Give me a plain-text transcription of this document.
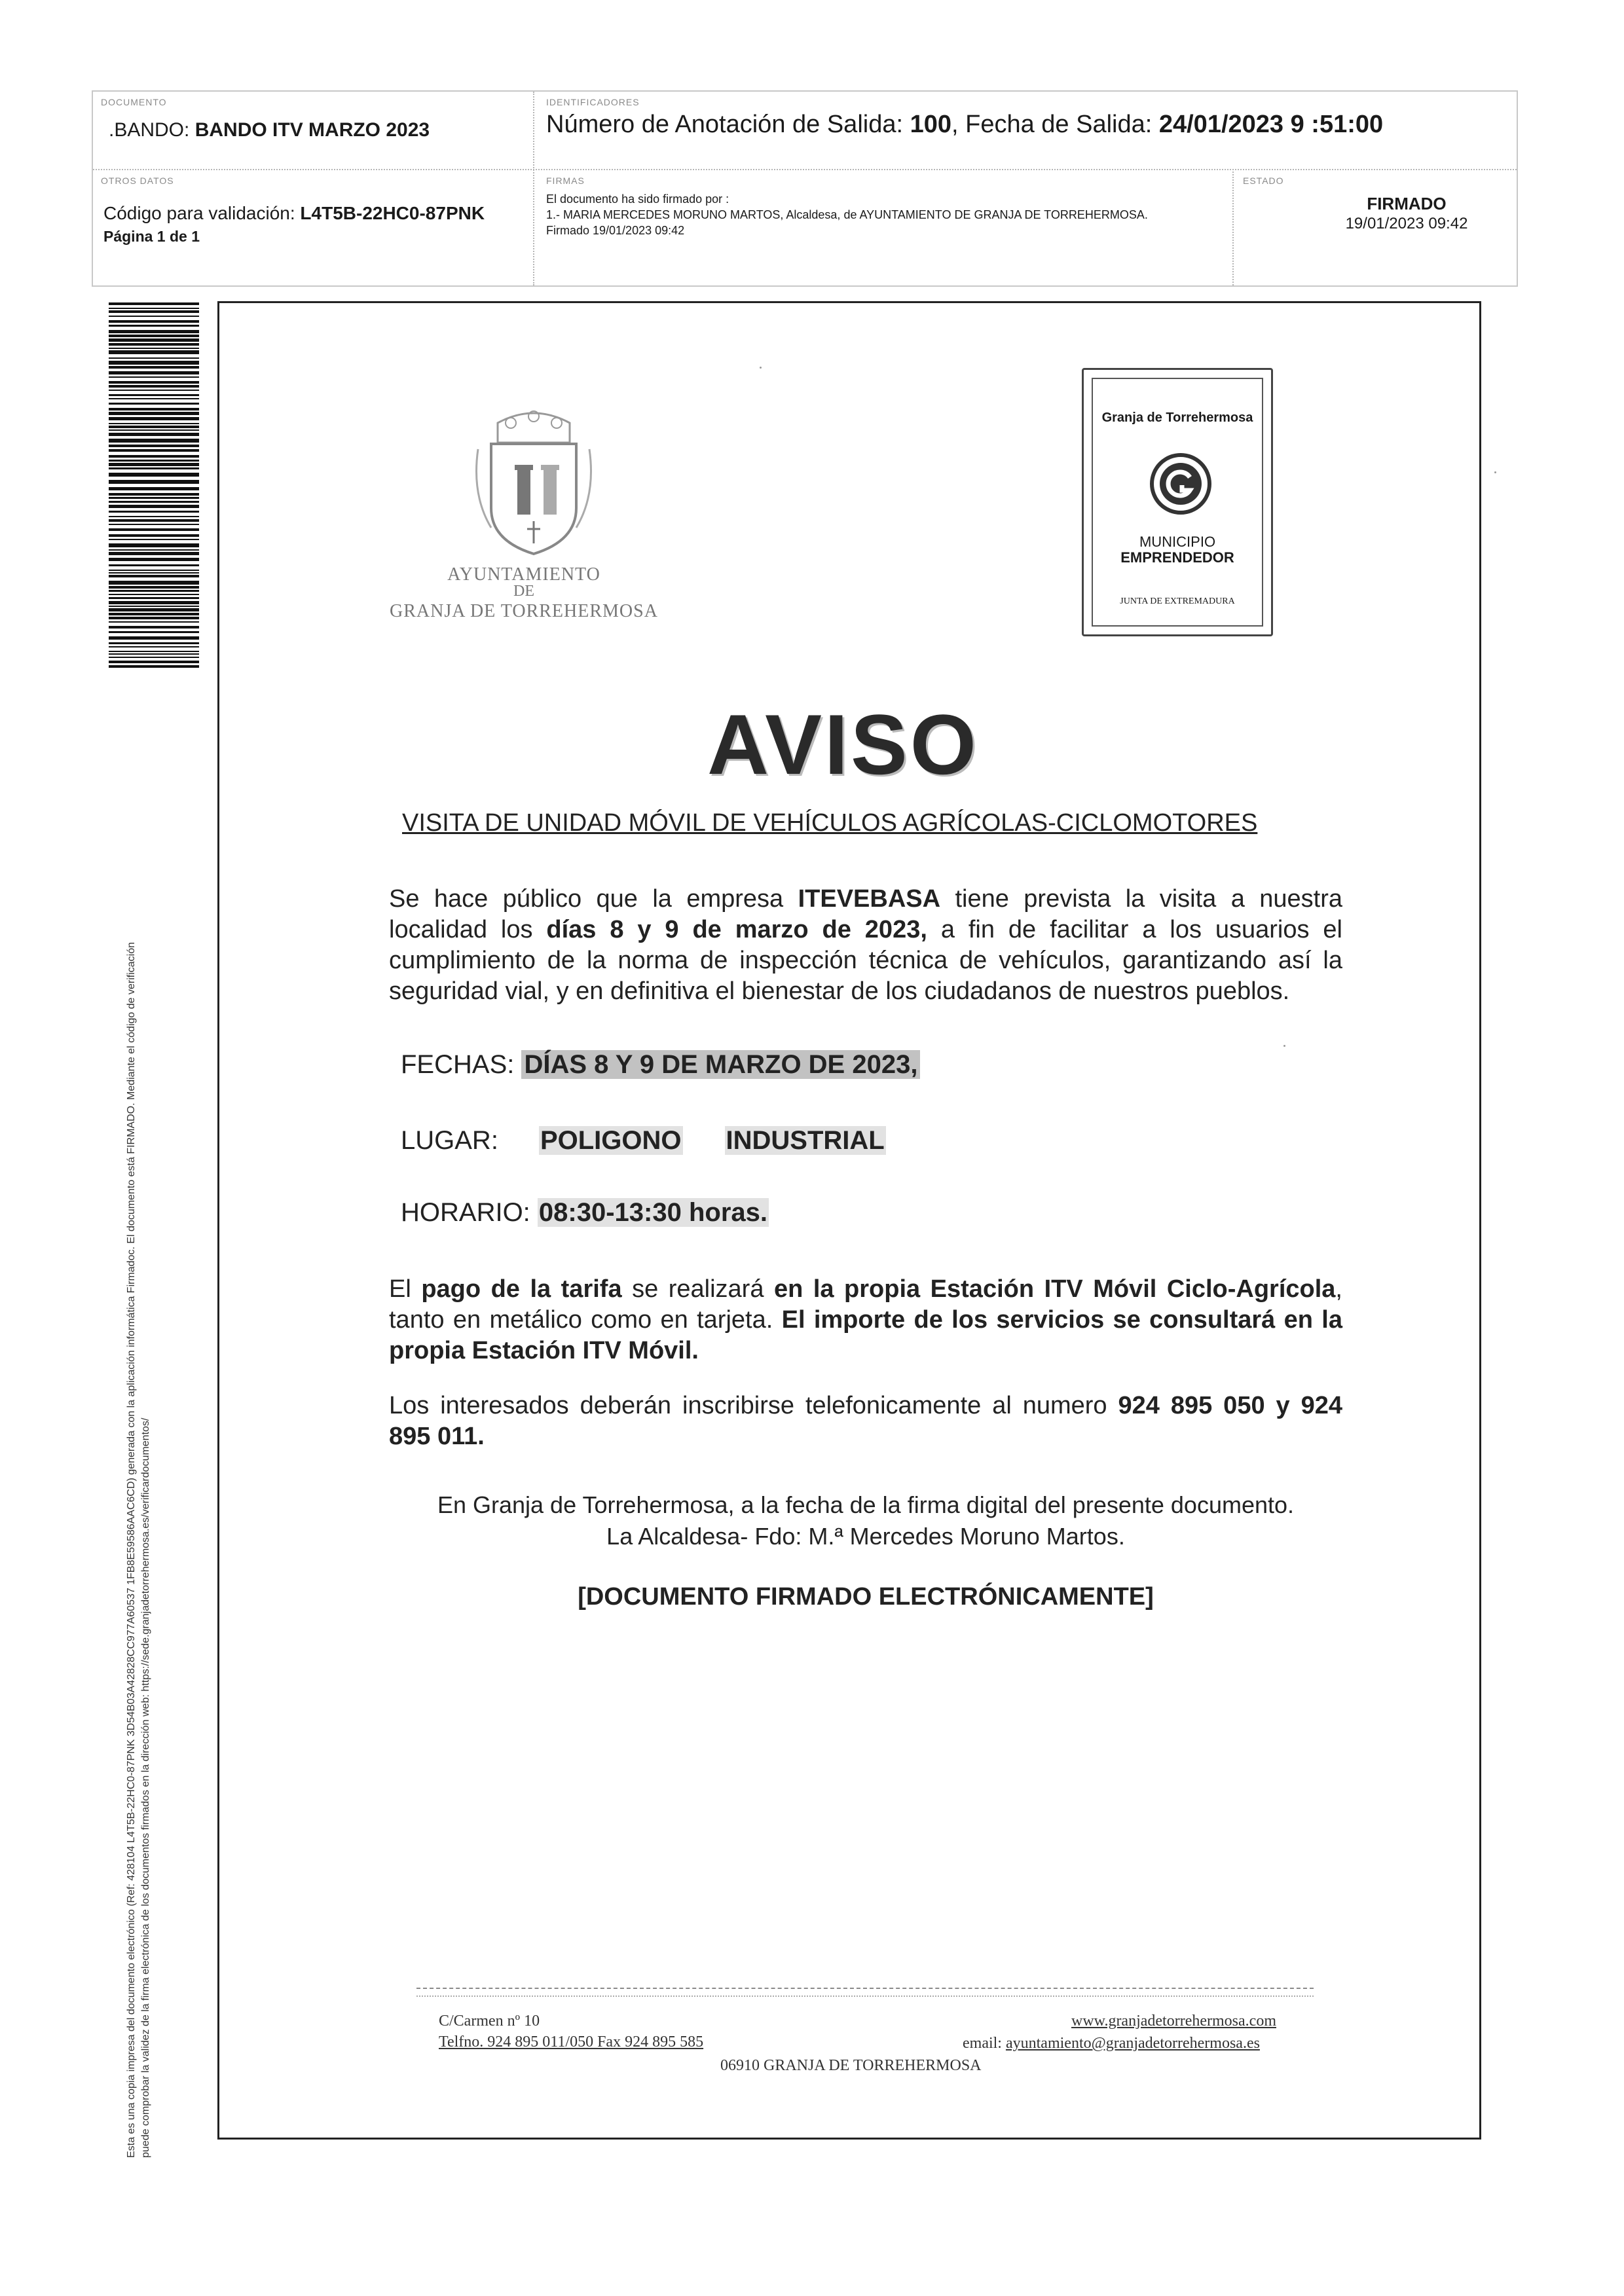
DOCUMENTO
.BANDO: BANDO ITV MARZO 2023
IDENTIFICADORES
Número de Anotación de Salida: 100, Fecha de Salida: 24/01/2023 9 :51:00
OTROS DATOS
Código para validación: L4T5B-22HC0-87PNK
Página 1 de 1
FIRMAS
El documento ha sido firmado por :
1.- MARIA MERCEDES MORUNO MARTOS, Alcaldesa, de AYUNTAMIENTO DE GRANJA DE TORREHERMOSA.
Firmado 19/01/2023 09:42
ESTADO
FIRMADO
19/01/2023 09:42
Esta es una copia impresa del documento electrónico (Ref: 428104 L4T5B-22HC0-87PNK 3D54B03A42828CC977A60537 1FB8E59586AAC6CD) generada con la aplicación informática Firmadoc. El documento está FIRMADO. Mediante el código de verificación puede comprobar la validez de la firma electrónica de los documentos firmados en la dirección web: https://sede.granjadetorrehermosa.es/verificardocumentos/
AYUNTAMIENTO
DE
GRANJA DE TORREHERMOSA
Granja de Torrehermosa
MUNICIPIO
EMPRENDEDOR
JUNTA DE EXTREMADURA
AVISO
VISITA DE UNIDAD MÓVIL DE VEHÍCULOS AGRÍCOLAS-CICLOMOTORES
Se hace público que la empresa ITEVEBASA tiene prevista la visita a nuestra localidad los días 8 y 9 de marzo de 2023, a fin de facilitar a los usuarios el cumplimiento de la norma de inspección técnica de vehículos, garantizando así la seguridad vial, y en definitiva el bienestar de los ciudadanos de nuestros pueblos.
FECHAS: DÍAS 8 Y 9 DE MARZO DE 2023,
LUGAR: POLIGONO INDUSTRIAL
HORARIO: 08:30-13:30 horas.
El pago de la tarifa se realizará en la propia Estación ITV Móvil Ciclo-Agrícola, tanto en metálico como en tarjeta. El importe de los servicios se consultará en la propia Estación ITV Móvil.
Los interesados deberán inscribirse telefonicamente al numero 924 895 050 y 924 895 011.
En Granja de Torrehermosa, a la fecha de la firma digital del presente documento.
La Alcaldesa- Fdo: M.ª Mercedes Moruno Martos.
[DOCUMENTO FIRMADO ELECTRÓNICAMENTE]
C/Carmen nº 10
Telfno. 924 895 011/050 Fax 924 895 585
www.granjadetorrehermosa.com
email: ayuntamiento@granjadetorrehermosa.es
06910 GRANJA DE TORREHERMOSA
